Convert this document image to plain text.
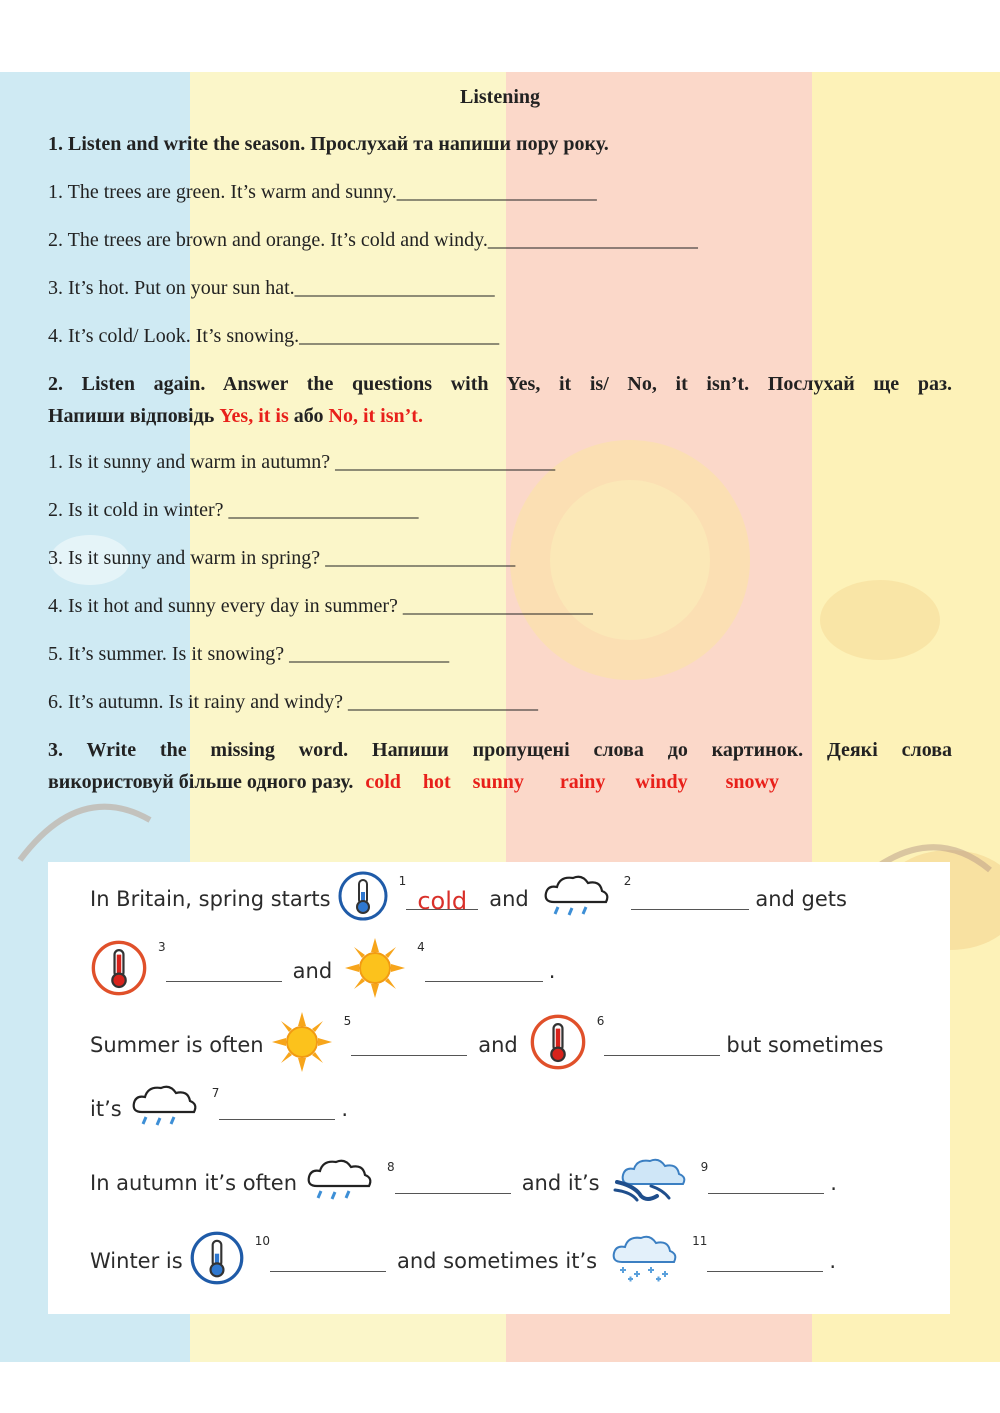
Listening
1. Listen and write the season. Прослухай та напиши пору року.
1. The trees are green. It’s warm and sunny.____________________
2. The trees are brown and orange. It’s cold and windy._____________________
3. It’s hot. Put on your sun hat.____________________
4. It’s cold/ Look. It’s snowing.____________________
2. Listen again. Answer the questions with Yes, it is/ No, it isn’t. Послухай ще раз.
Напиши відповідь Yes, it is або No, it isn’t.
1. Is it sunny and warm in autumn? ______________________
2. Is it cold in winter? ___________________
3. Is it sunny and warm in spring? ___________________
4. Is it hot and sunny every day in summer? ___________________
5. It’s summer. Is it snowing? ________________
6. It’s autumn. Is it rainy and windy? ___________________
3. Write the missing word. Напиши пропущені слова до картинок. Деякі слова
використовуй більше одного разу. cold hot sunny rainy windy snowy
In Britain, spring starts
1
cold	and
2
and gets
3
and
4
.
Summer is often
5
and
6
but sometimes
it’s
7
.
In autumn it’s often
8
and it’s
9
.
Winter is
10
and sometimes it’s
11
.
